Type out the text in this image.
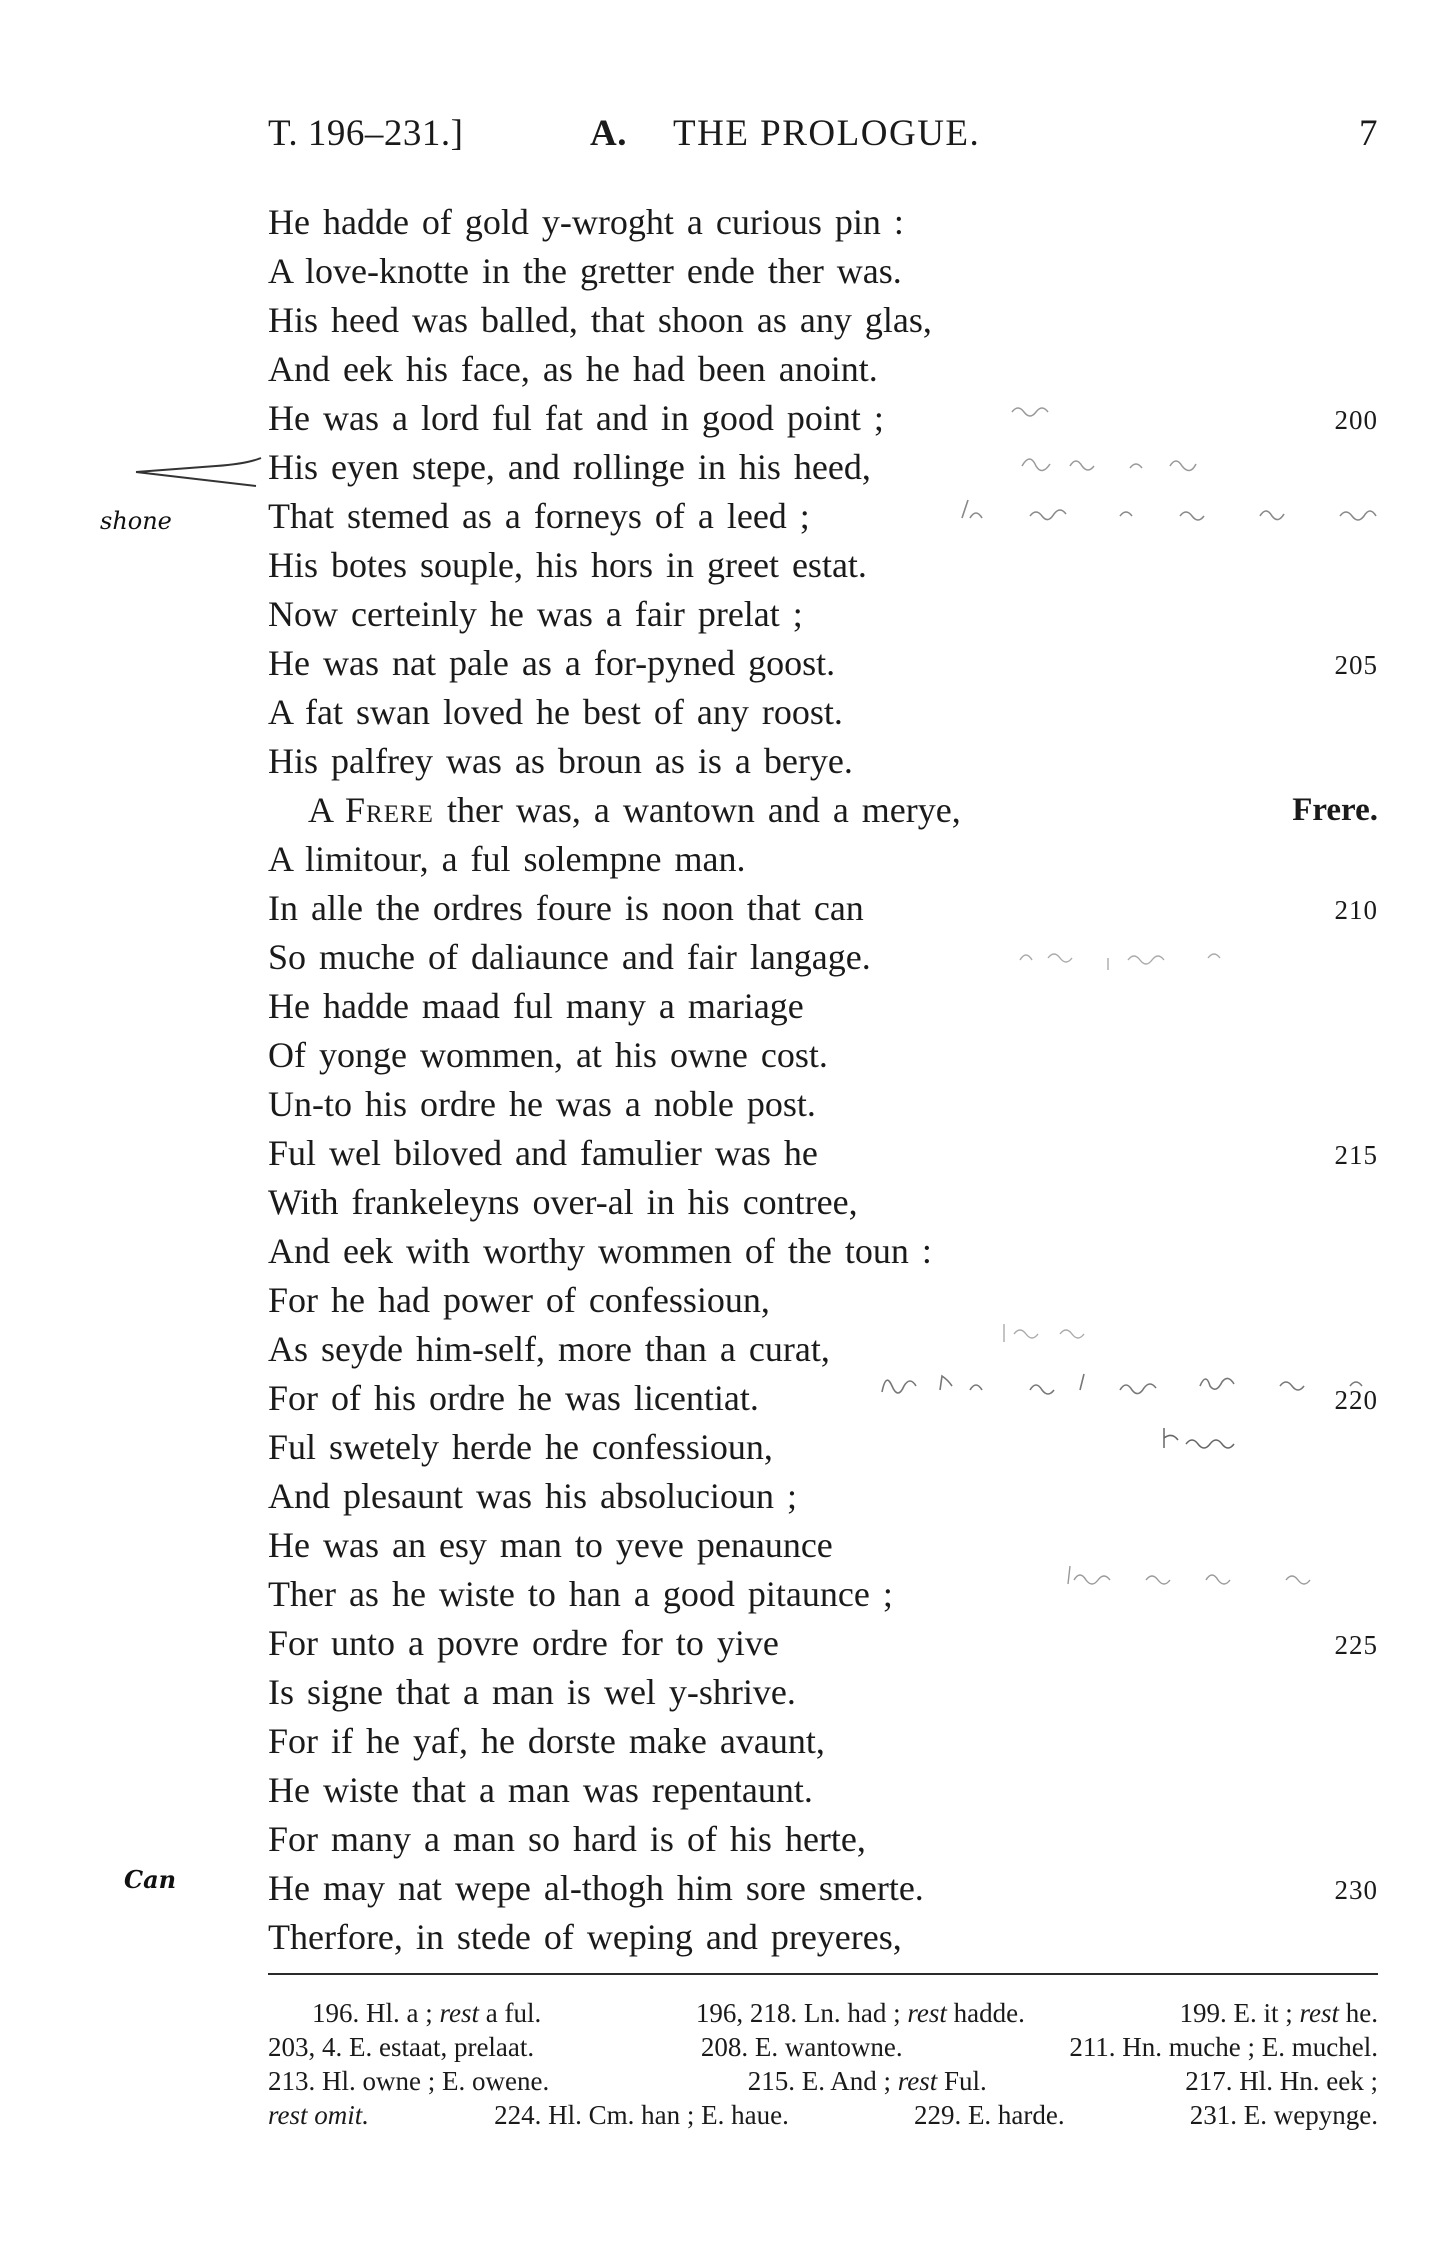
T. 196–231.]	A. THE PROLOGUE.	7
He hadde of gold y-wroght a curious pin :
A love-knotte in the gretter ende ther was.
His heed was balled, that shoon as any glas,
And eek his face, as he had been anoint.
He was a lord ful fat and in good point ;	200
His eyen stepe, and rollinge in his heed,
That stemed as a forneys of a leed ;
His botes souple, his hors in greet estat.
Now certeinly he was a fair prelat ;
He was nat pale as a for-pyned goost.	205
A fat swan loved he best of any roost.
His palfrey was as broun as is a berye.
A Frere ther was, a wantown and a merye,	Frere.
A limitour, a ful solempne man.
In alle the ordres foure is noon that can	210
So muche of daliaunce and fair langage.
He hadde maad ful many a mariage
Of yonge wommen, at his owne cost.
Un-to his ordre he was a noble post.
Ful wel biloved and famulier was he	215
With frankeleyns over-al in his contree,
And eek with worthy wommen of the toun :
For he had power of confessioun,
As seyde him-self, more than a curat,
For of his ordre he was licentiat.	220
Ful swetely herde he confessioun,
And plesaunt was his absolucioun ;
He was an esy man to yeve penaunce
Ther as he wiste to han a good pitaunce ;
For unto a povre ordre for to yive	225
Is signe that a man is wel y-shrive.
For if he yaf, he dorste make avaunt,
He wiste that a man was repentaunt.
For many a man so hard is of his herte,
He may nat wepe al-thogh him sore smerte.	230
Therfore, in stede of weping and preyeres,
196. Hl. a ; rest a ful.	196, 218. Ln. had ; rest hadde.	199. E. it ; rest he.
203, 4. E. estaat, prelaat.	208. E. wantowne.	211. Hn. muche ; E. muchel.
213. Hl. owne ; E. owene.	215. E. And ; rest Ful.	217. Hl. Hn. eek ;
rest omit.	224. Hl. Cm. han ; E. haue.	229. E. harde.	231. E. wepynge.
shone
Can
